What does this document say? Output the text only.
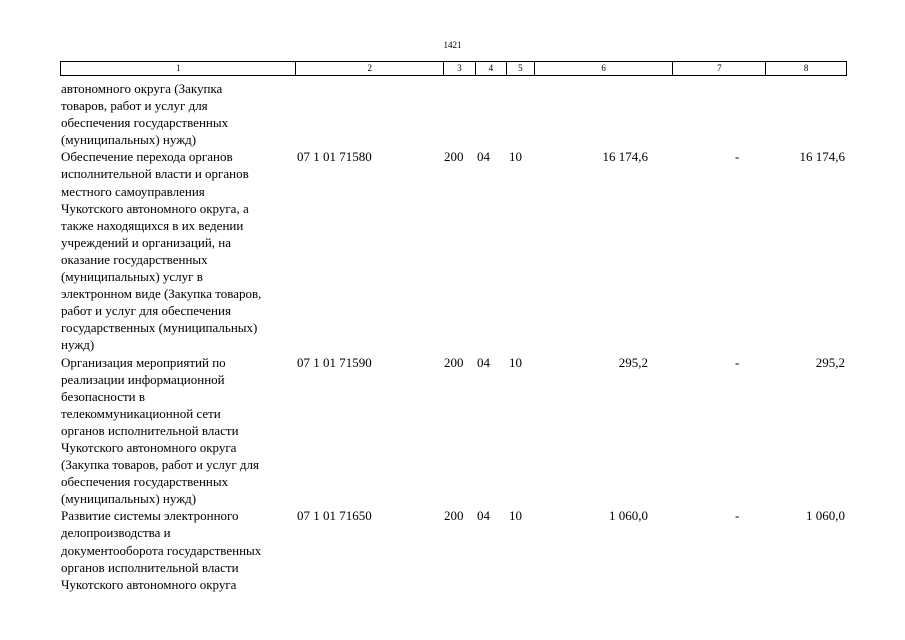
1421
1	2	3	4	5	6	7	8
автономного округа (Закупка
товаров, работ и услуг для
обеспечения государственных
(муниципальных) нужд)
Обеспечение перехода органов
исполнительной власти и органов
местного самоуправления
Чукотского автономного округа, а
также находящихся в их ведении
учреждений и организаций, на
оказание государственных
(муниципальных) услуг в
электронном виде (Закупка товаров,
работ и услуг для обеспечения
государственных (муниципальных)
нужд)
07 1 01 71580	200 04 10	16 174,6	-	16 174,6
Организация мероприятий по
реализации информационной
безопасности в
телекоммуникационной сети
органов исполнительной власти
Чукотского автономного округа
(Закупка товаров, работ и услуг для
обеспечения государственных
(муниципальных) нужд)
07 1 01 71590	200 04 10	295,2	-	295,2
Развитие системы электронного
делопроизводства и
документооборота государственных
органов исполнительной власти
Чукотского автономного округа
07 1 01 71650	200 04 10	1 060,0	-	1 060,0
